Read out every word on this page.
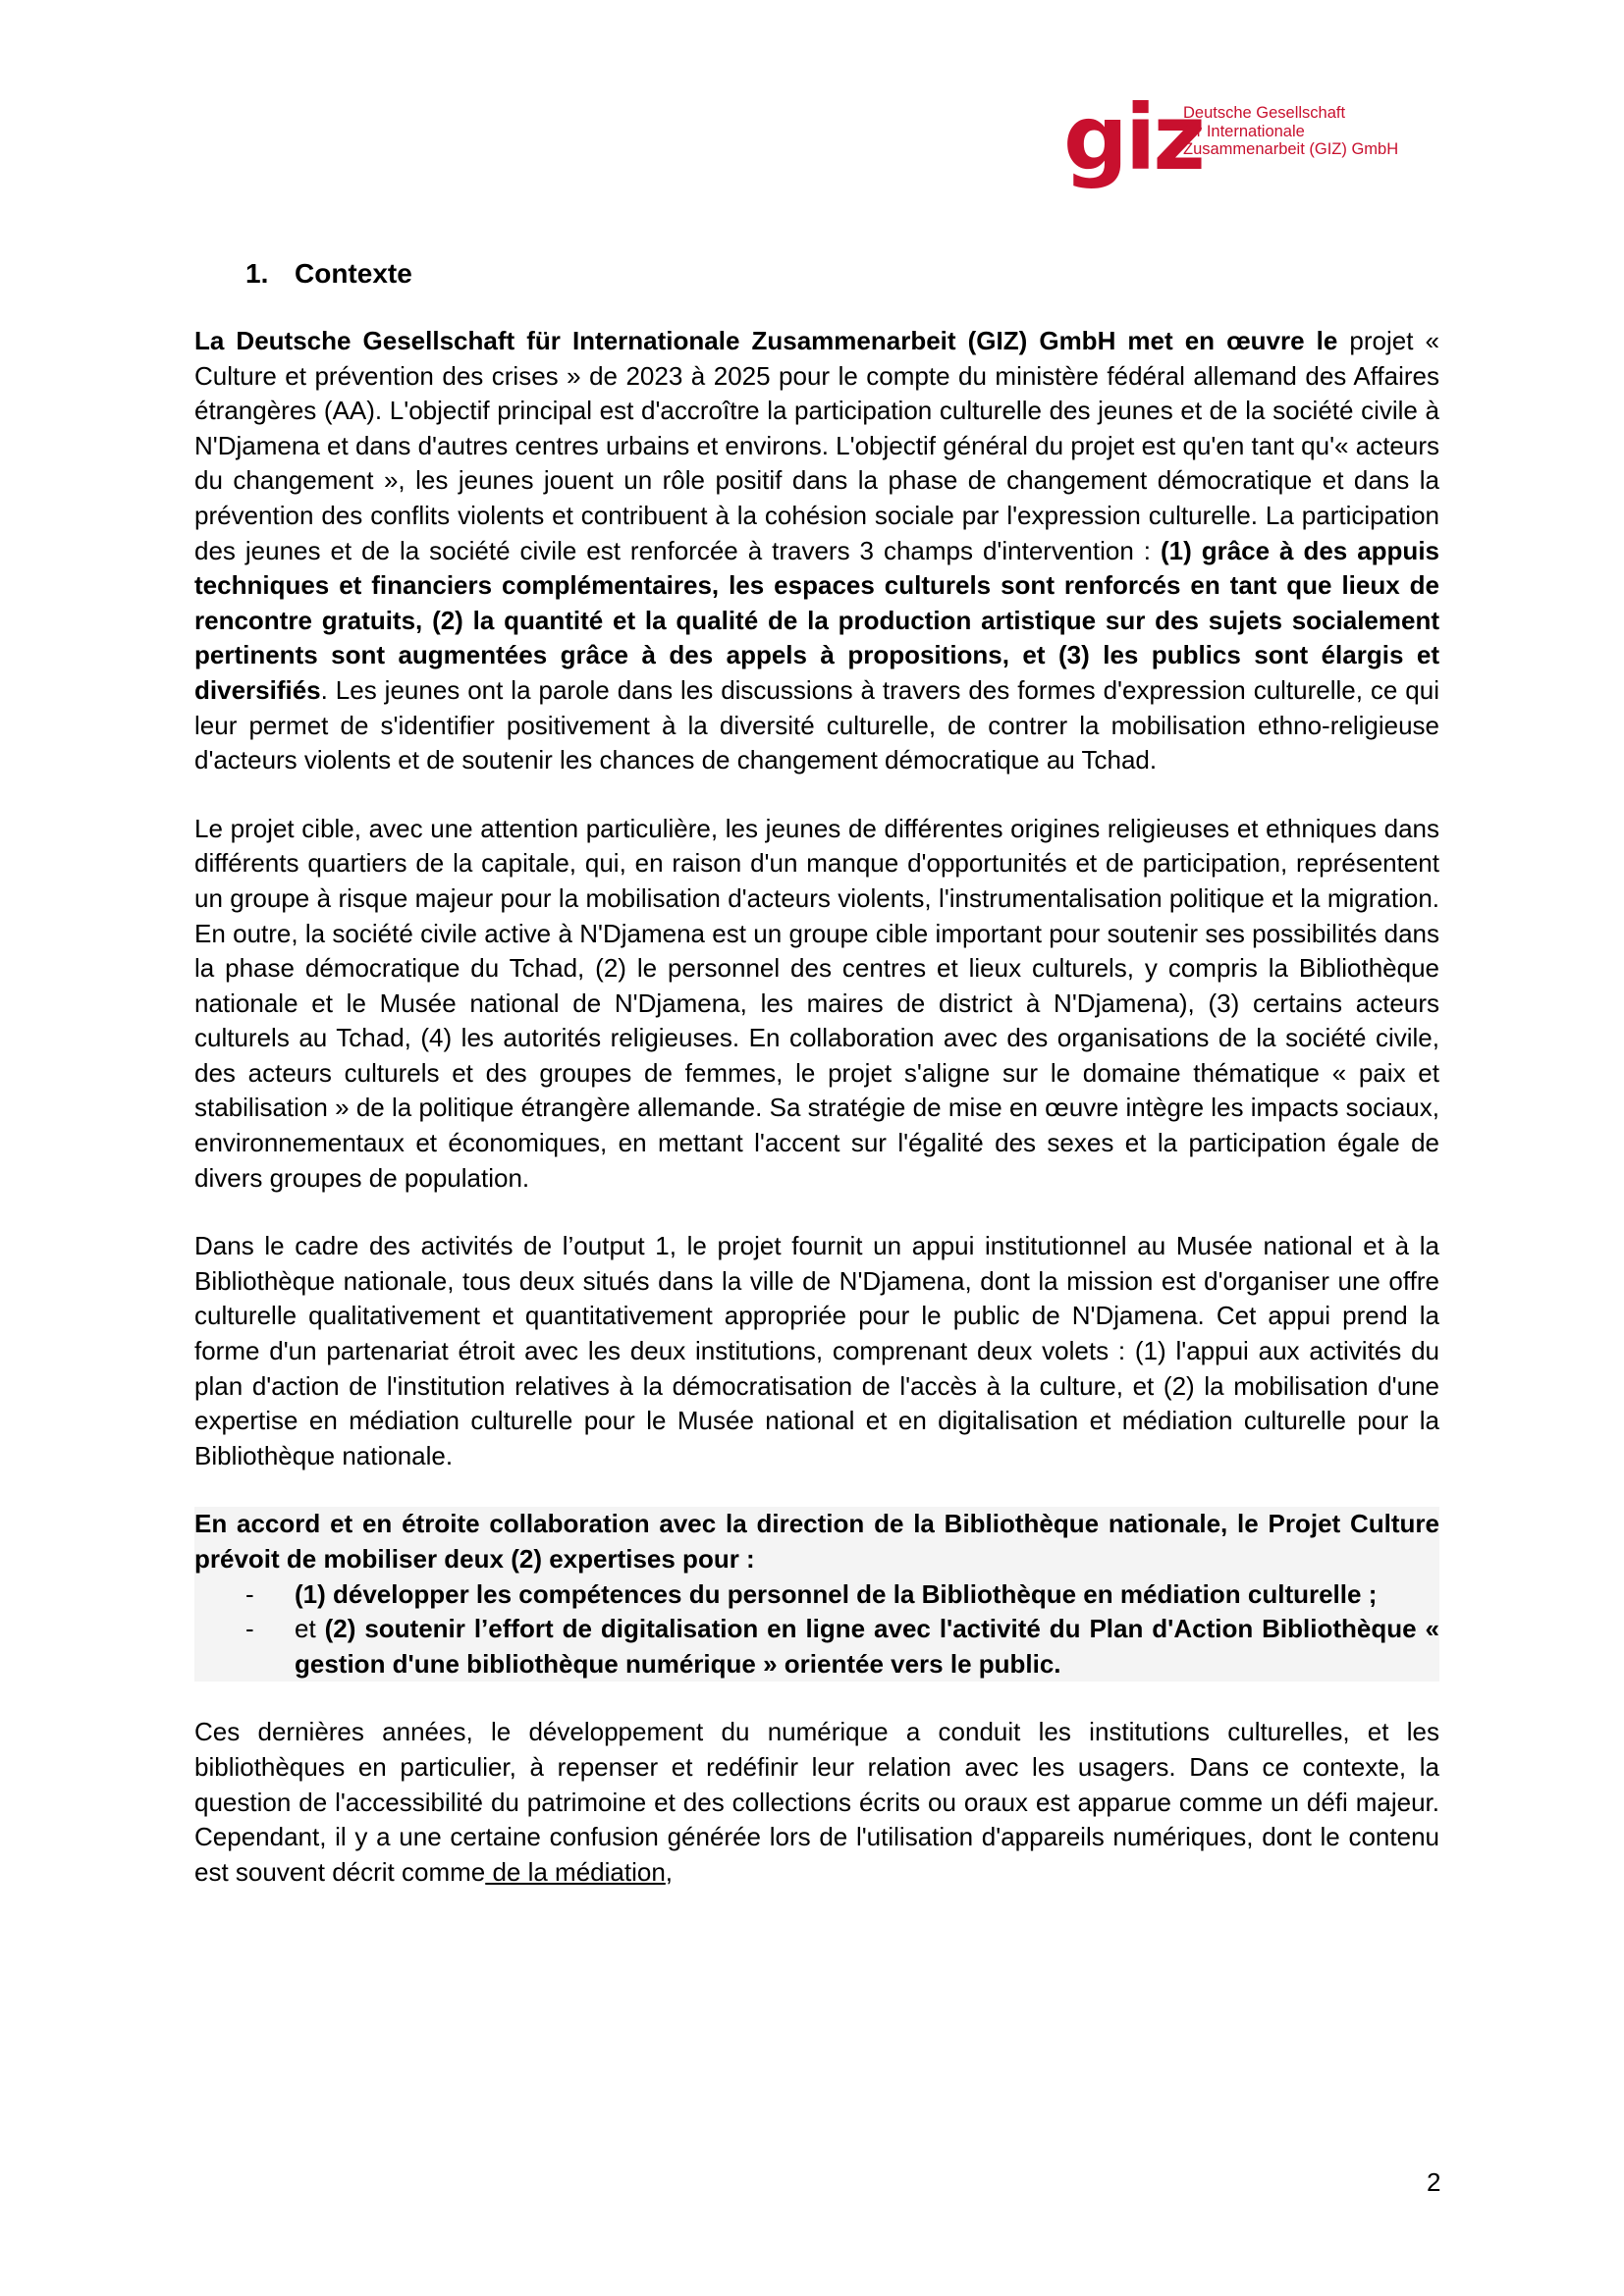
giz
Deutsche Gesellschaft
für Internationale
Zusammenarbeit (GIZ) GmbH
1. Contexte

La Deutsche Gesellschaft für Internationale Zusammenarbeit (GIZ) GmbH met en œuvre le projet « Culture et prévention des crises » de 2023 à 2025 pour le compte du ministère fédéral allemand des Affaires étrangères (AA). L'objectif principal est d'accroître la participation culturelle des jeunes et de la société civile à N'Djamena et dans d'autres centres urbains et environs. L'objectif général du projet est qu'en tant qu'« acteurs du changement », les jeunes jouent un rôle positif dans la phase de changement démocratique et dans la prévention des conflits violents et contribuent à la cohésion sociale par l'expression culturelle. La participation des jeunes et de la société civile est renforcée à travers 3 champs d'intervention : (1) grâce à des appuis techniques et financiers complémentaires, les espaces culturels sont renforcés en tant que lieux de rencontre gratuits, (2) la quantité et la qualité de la production artistique sur des sujets socialement pertinents sont augmentées grâce à des appels à propositions, et (3) les publics sont élargis et diversifiés. Les jeunes ont la parole dans les discussions à travers des formes d'expression culturelle, ce qui leur permet de s'identifier positivement à la diversité culturelle, de contrer la mobilisation ethno-religieuse d'acteurs violents et de soutenir les chances de changement démocratique au Tchad.

Le projet cible, avec une attention particulière, les jeunes de différentes origines religieuses et ethniques dans différents quartiers de la capitale, qui, en raison d'un manque d'opportunités et de participation, représentent un groupe à risque majeur pour la mobilisation d'acteurs violents, l'instrumentalisation politique et la migration. En outre, la société civile active à N'Djamena est un groupe cible important pour soutenir ses possibilités dans la phase démocratique du Tchad, (2) le personnel des centres et lieux culturels, y compris la Bibliothèque nationale et le Musée national de N'Djamena, les maires de district à N'Djamena), (3) certains acteurs culturels au Tchad, (4) les autorités religieuses. En collaboration avec des organisations de la société civile, des acteurs culturels et des groupes de femmes, le projet s'aligne sur le domaine thématique « paix et stabilisation » de la politique étrangère allemande. Sa stratégie de mise en œuvre intègre les impacts sociaux, environnementaux et économiques, en mettant l'accent sur l'égalité des sexes et la participation égale de divers groupes de population.

Dans le cadre des activités de l’output 1, le projet fournit un appui institutionnel au Musée national et à la Bibliothèque nationale, tous deux situés dans la ville de N'Djamena, dont la mission est d'organiser une offre culturelle qualitativement et quantitativement appropriée pour le public de N'Djamena. Cet appui prend la forme d'un partenariat étroit avec les deux institutions, comprenant deux volets : (1) l'appui aux activités du plan d'action de l'institution relatives à la démocratisation de l'accès à la culture, et (2) la mobilisation d'une expertise en médiation culturelle pour le Musée national et en digitalisation et médiation culturelle pour la Bibliothèque nationale.

En accord et en étroite collaboration avec la direction de la Bibliothèque nationale, le Projet Culture prévoit de mobiliser deux (2) expertises pour :

- (1) développer les compétences du personnel de la Bibliothèque en médiation culturelle ;
- et (2) soutenir l’effort de digitalisation en ligne avec l'activité du Plan d'Action Bibliothèque « gestion d'une bibliothèque numérique » orientée vers le public.

Ces dernières années, le développement du numérique a conduit les institutions culturelles, et les bibliothèques en particulier, à repenser et redéfinir leur relation avec les usagers. Dans ce contexte, la question de l'accessibilité du patrimoine et des collections écrits ou oraux est apparue comme un défi majeur. Cependant, il y a une certaine confusion générée lors de l'utilisation d'appareils numériques, dont le contenu est souvent décrit comme de la médiation,

2
